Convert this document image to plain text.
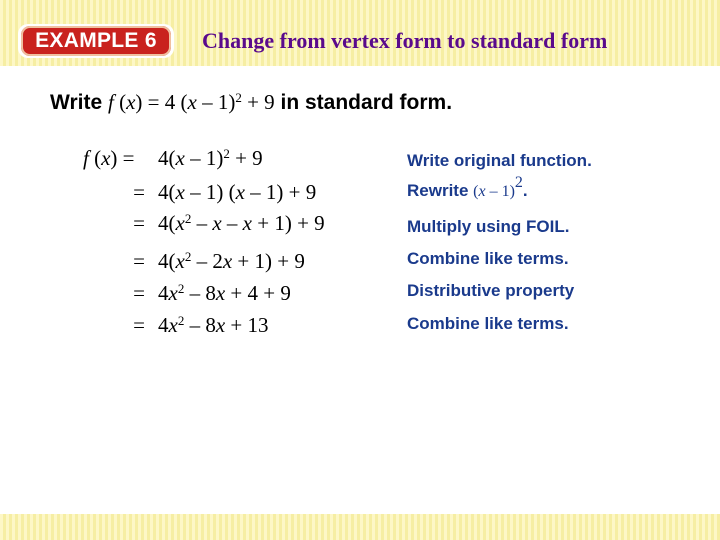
EXAMPLE 6	Change from vertex form to standard form
Write f (x) = 4 (x – 1)$^2$ + 9 in standard form.
f (x) = 4(x – 1)$^2$ + 9
= 4(x – 1) (x – 1) + 9
= $4(x^2 - x - x + 1) + 9$
= $4(x^2 - 2x + 1) + 9$
= $4x^2 - 8x + 4 + 9$
= $4x^2 - 8x + 13$
Write original function.
Rewrite (x – 1)$^2$.
Multiply using FOIL.
Combine like terms.
Distributive property
Combine like terms.
